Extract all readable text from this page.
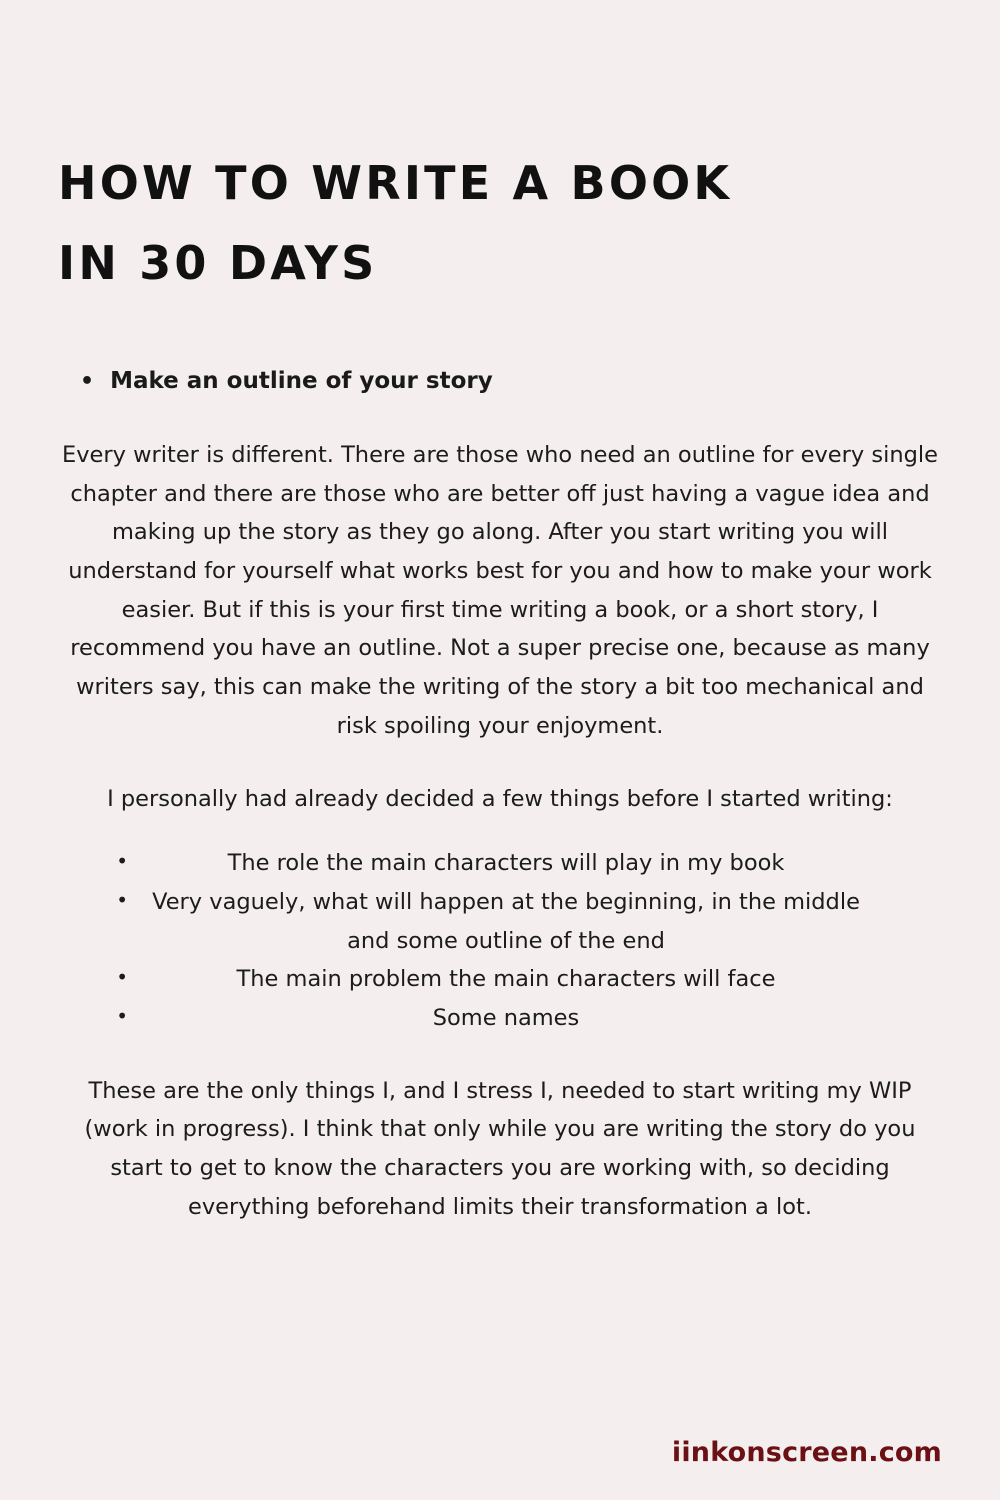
HOW TO WRITE A BOOK
IN 30 DAYS
• Make an outline of your story

Every writer is different. There are those who need an outline for every single chapter and there are those who are better off just having a vague idea and making up the story as they go along. After you start writing you will understand for yourself what works best for you and how to make your work easier. But if this is your first time writing a book, or a short story, I recommend you have an outline. Not a super precise one, because as many writers say, this can make the writing of the story a bit too mechanical and risk spoiling your enjoyment.

I personally had already decided a few things before I started writing:

•	The role the main characters will play in my book
•	Very vaguely, what will happen at the beginning, in the middle and some outline of the end
•	The main problem the main characters will face
•	Some names

These are the only things I, and I stress I, needed to start writing my WIP (work in progress). I think that only while you are writing the story do you start to get to know the characters you are working with, so deciding everything beforehand limits their transformation a lot.

iinkonscreen.com
